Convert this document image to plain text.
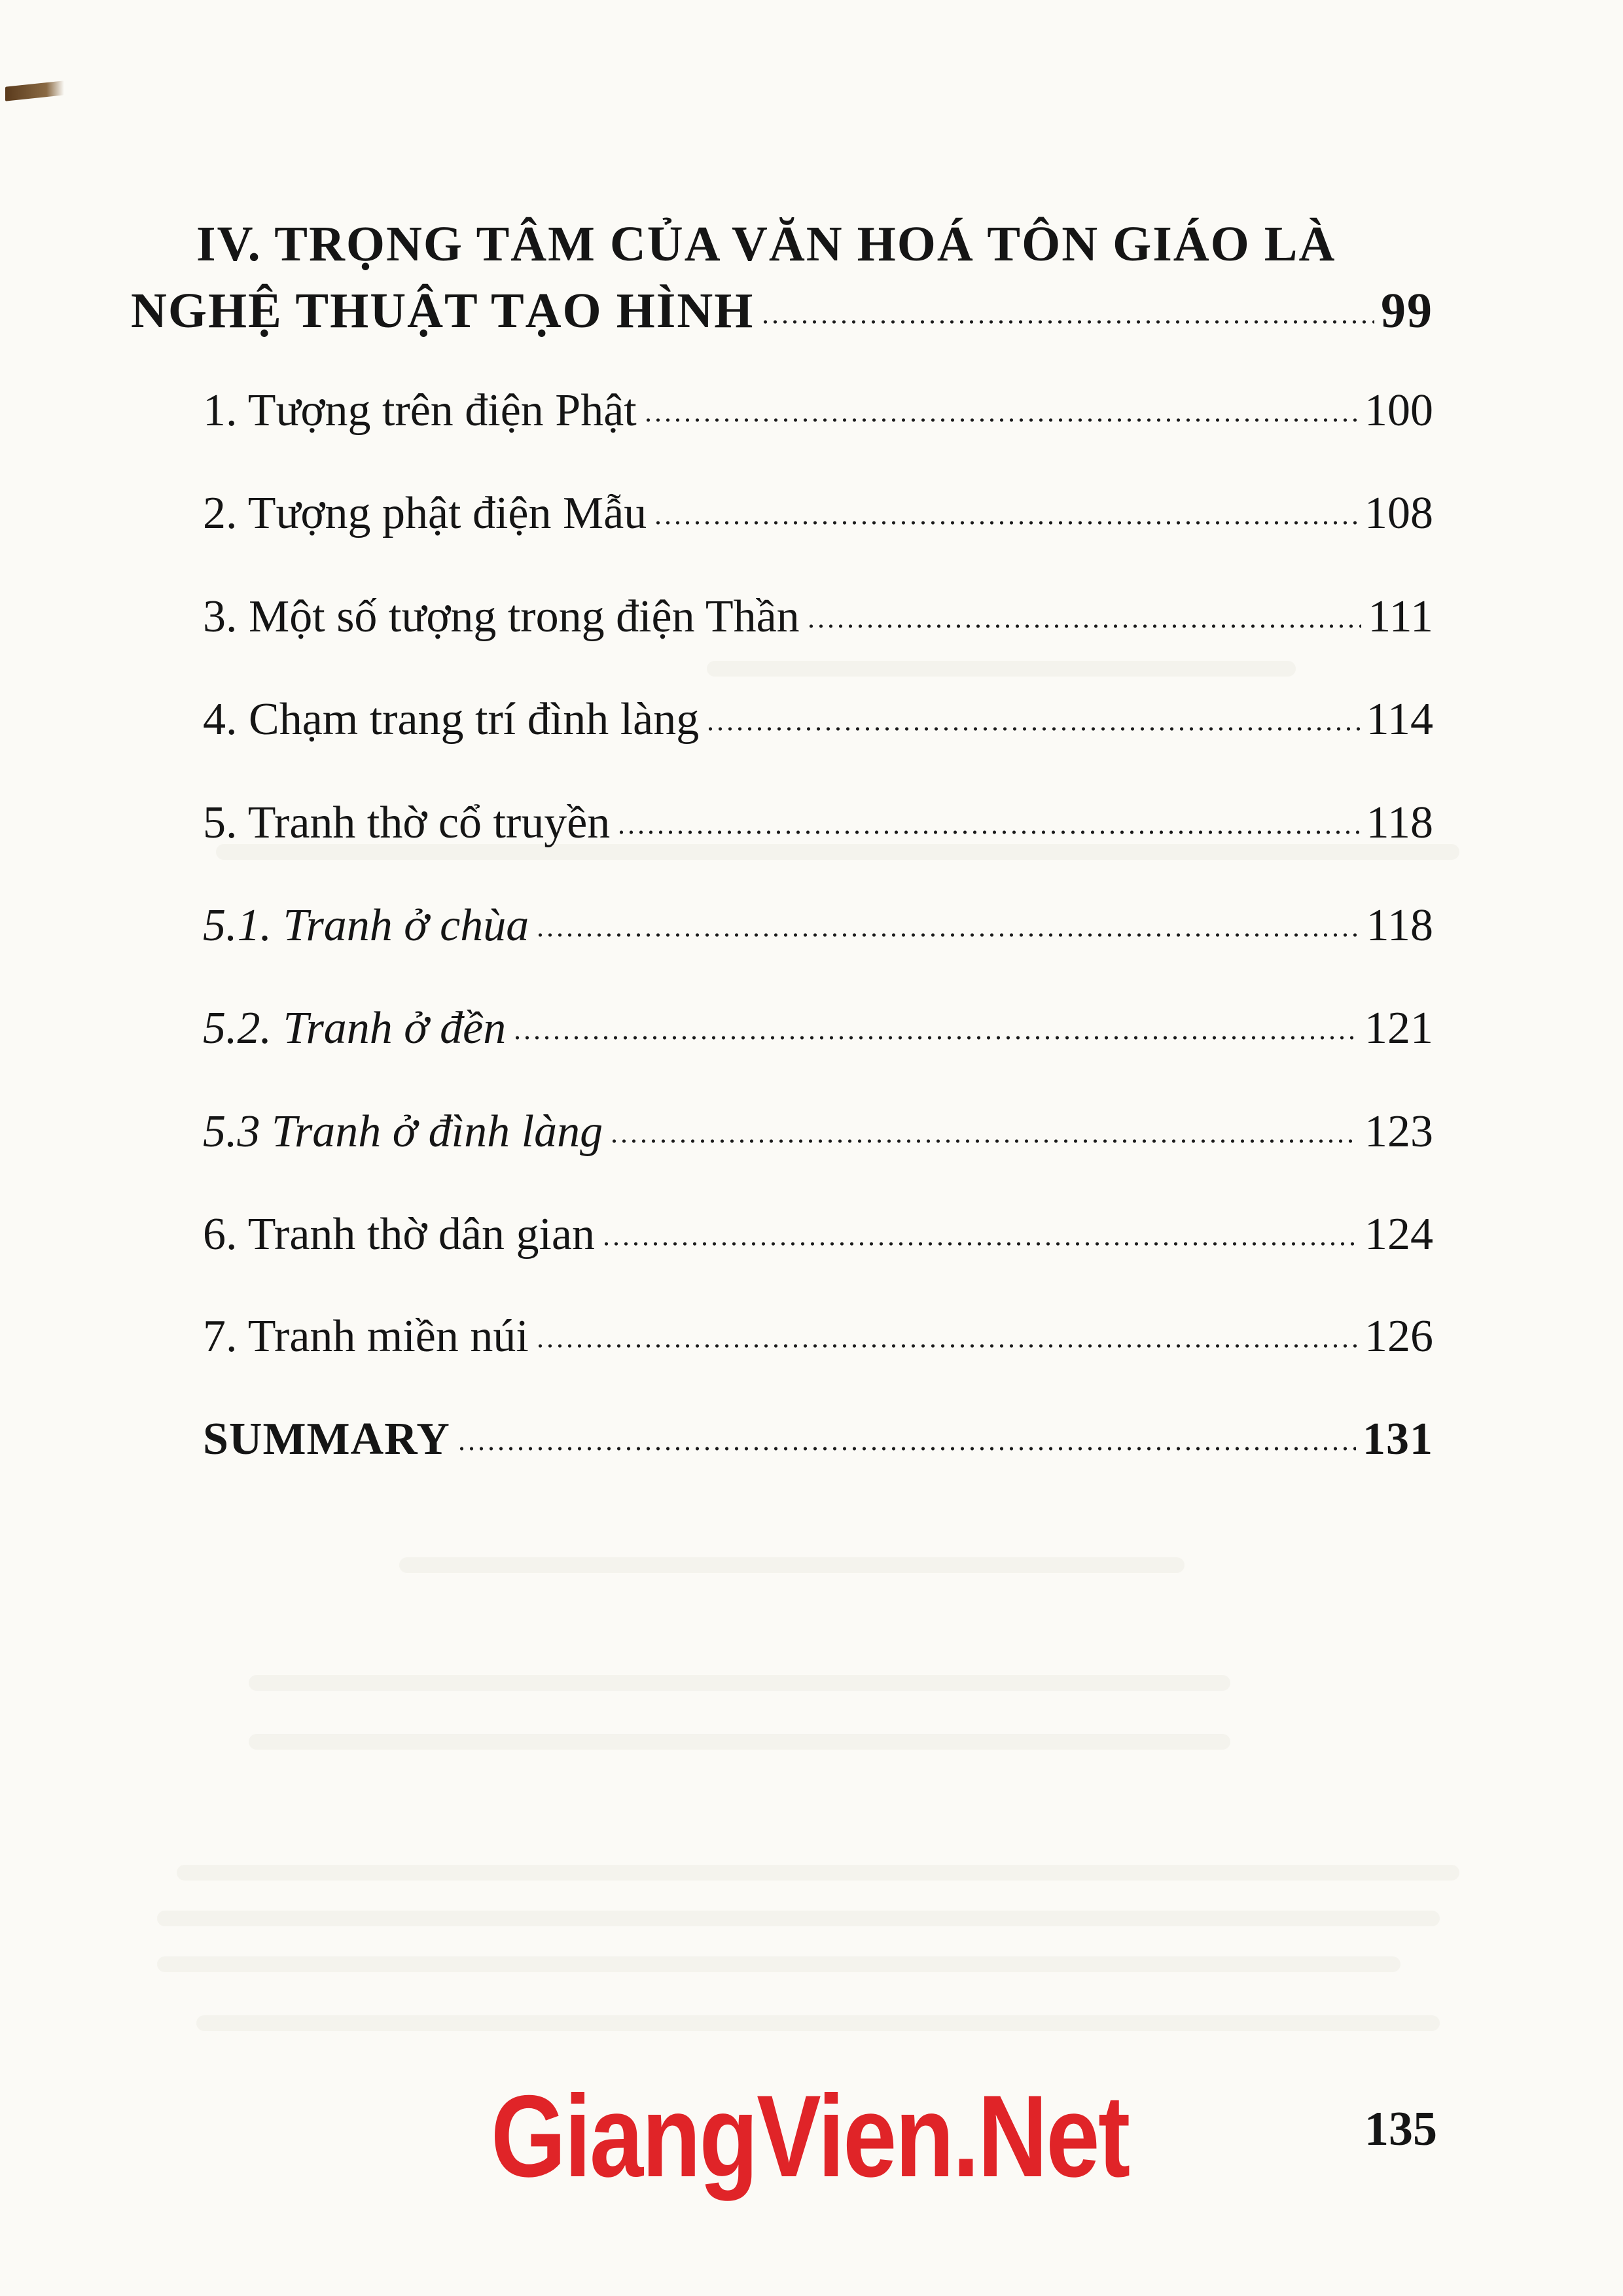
IV. TRỌNG TÂM CỦA VĂN HOÁ TÔN GIÁO LÀ
NGHỆ THUẬT TẠO HÌNH	99
1. Tượng trên điện Phật	100
2. Tượng phật điện Mẫu	108
3. Một số tượng trong điện Thần	111
4. Chạm trang trí đình làng	114
5. Tranh thờ cổ truyền	118
5.1. Tranh ở chùa	118
5.2. Tranh ở đền	121
5.3 Tranh ở đình làng	123
6. Tranh thờ dân gian	124
7. Tranh miền núi	126
SUMMARY	131
GiangVien.Net	135
